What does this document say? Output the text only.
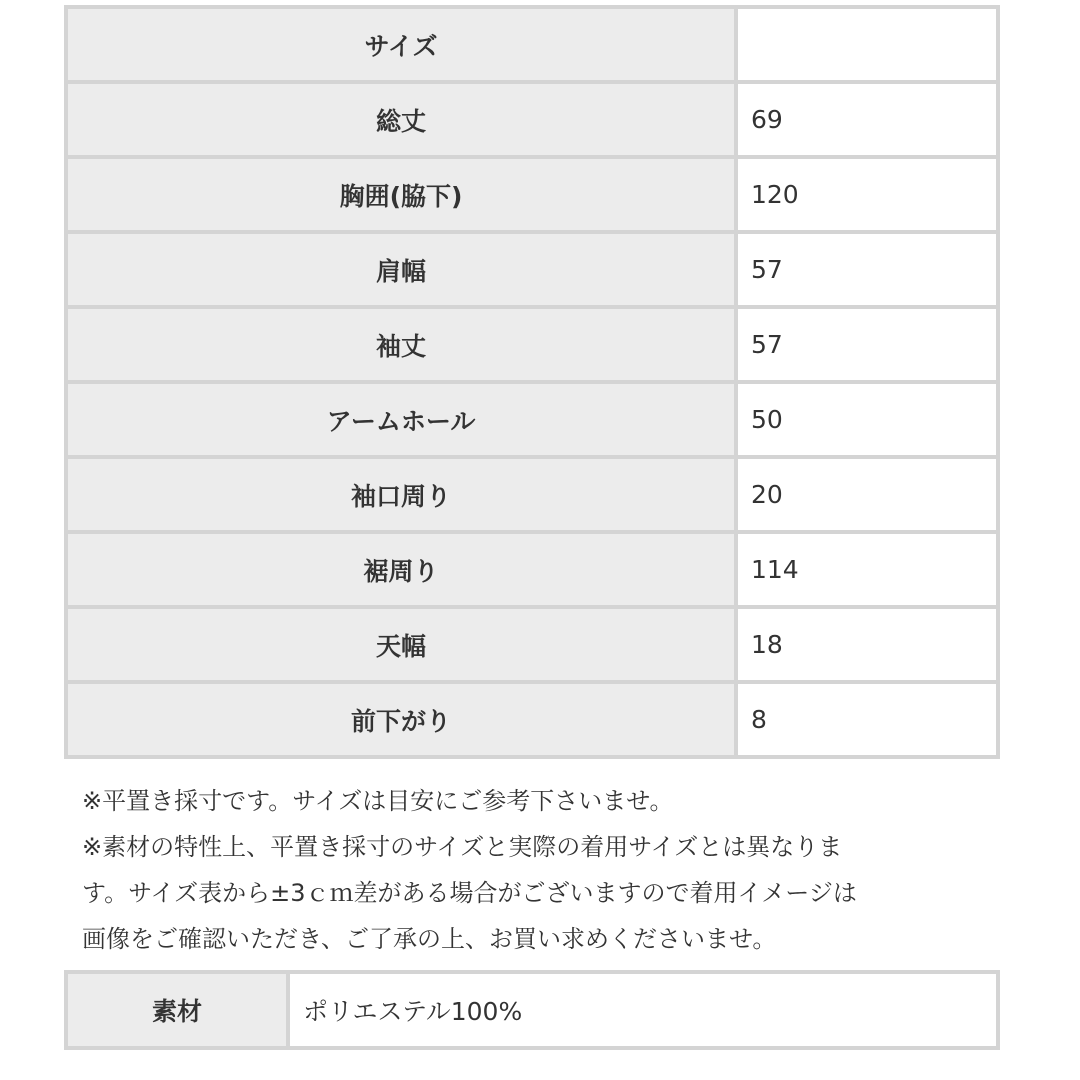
サイズ	
総丈	69
胸囲(脇下)	120
肩幅	57
袖丈	57
アームホール	50
袖口周り	20
裾周り	114
天幅	18
前下がり	8

※平置き採寸です。サイズは目安にご参考下さいませ。

※素材の特性上、平置き採寸のサイズと実際の着用サイズとは異なりま

す。サイズ表から±3ｃｍ差がある場合がございますので着用イメージは

画像をご確認いただき、ご了承の上、お買い求めくださいませ。

素材	ポリエステル100%
